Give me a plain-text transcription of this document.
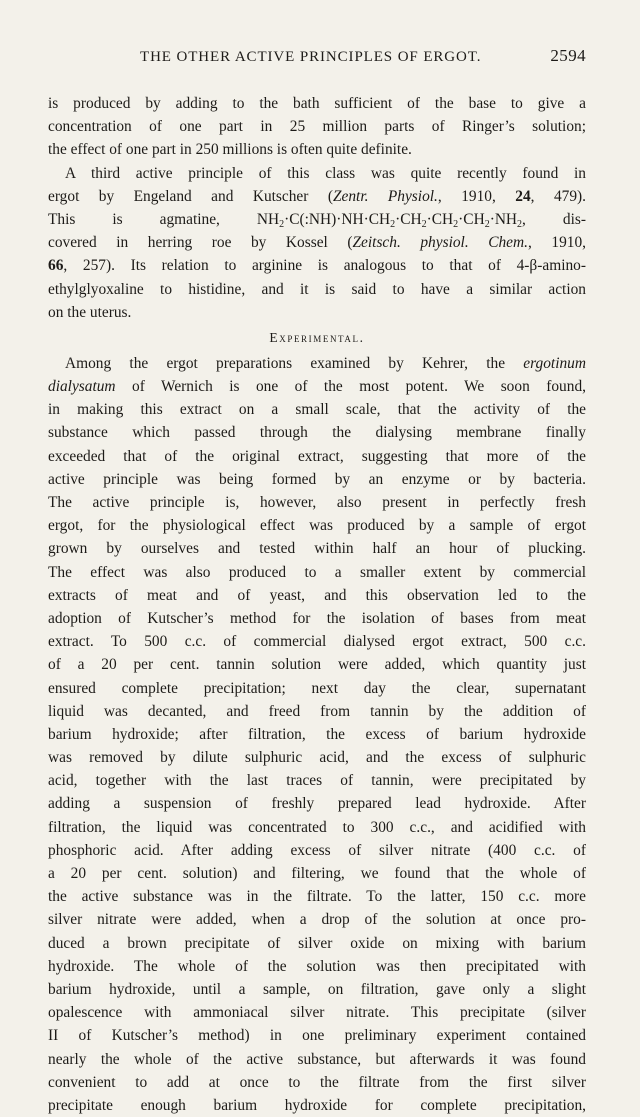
THE OTHER ACTIVE PRINCIPLES OF ERGOT.	2594
is produced by adding to the bath sufficient of the base to give a
concentration of one part in 25 million parts of Ringer’s solution;
the effect of one part in 250 millions is often quite definite.
A third active principle of this class was quite recently found in
ergot by Engeland and Kutscher (Zentr. Physiol., 1910, 24, 479).
This is agmatine, $NH_2\cdot C(:NH)\cdot NH\cdot CH_2\cdot CH_2\cdot CH_2\cdot CH_2\cdot NH_2$, dis-
covered in herring roe by Kossel (Zeitsch. physiol. Chem., 1910,
66, 257). Its relation to arginine is analogous to that of 4-β-amino-
ethylglyoxaline to histidine, and it is said to have a similar action
on the uterus.
Experimental.
Among the ergot preparations examined by Kehrer, the ergotinum
dialysatum of Wernich is one of the most potent. We soon found,
in making this extract on a small scale, that the activity of the
substance which passed through the dialysing membrane finally
exceeded that of the original extract, suggesting that more of the
active principle was being formed by an enzyme or by bacteria.
The active principle is, however, also present in perfectly fresh
ergot, for the physiological effect was produced by a sample of ergot
grown by ourselves and tested within half an hour of plucking.
The effect was also produced to a smaller extent by commercial
extracts of meat and of yeast, and this observation led to the
adoption of Kutscher’s method for the isolation of bases from meat
extract. To 500 c.c. of commercial dialysed ergot extract, 500 c.c.
of a 20 per cent. tannin solution were added, which quantity just
ensured complete precipitation; next day the clear, supernatant
liquid was decanted, and freed from tannin by the addition of
barium hydroxide; after filtration, the excess of barium hydroxide
was removed by dilute sulphuric acid, and the excess of sulphuric
acid, together with the last traces of tannin, were precipitated by
adding a suspension of freshly prepared lead hydroxide. After
filtration, the liquid was concentrated to 300 c.c., and acidified with
phosphoric acid. After adding excess of silver nitrate (400 c.c. of
a 20 per cent. solution) and filtering, we found that the whole of
the active substance was in the filtrate. To the latter, 150 c.c. more
silver nitrate were added, when a drop of the solution at once pro-
duced a brown precipitate of silver oxide on mixing with barium
hydroxide. The whole of the solution was then precipitated with
barium hydroxide, until a sample, on filtration, gave only a slight
opalescence with ammoniacal silver nitrate. This precipitate (silver
II of Kutscher’s method) in one preliminary experiment contained
nearly the whole of the active substance, but afterwards it was found
convenient to add at once to the filtrate from the first silver
precipitate enough barium hydroxide for complete precipitation,
